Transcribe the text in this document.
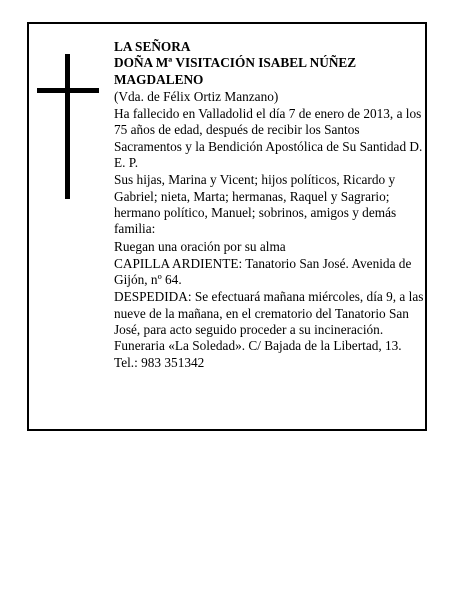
LA SEÑORA

DOÑA Mª VISITACIÓN ISABEL NÚÑEZ MAGDALENO

(Vda. de Félix Ortiz Manzano)

Ha fallecido en Valladolid el día 7 de enero de 2013, a los 75 años de edad, después de recibir los Santos Sacramentos y la Bendición Apostólica de Su Santidad D. E. P.

Sus hijas, Marina y Vicent; hijos políticos, Ricardo y Gabriel; nieta, Marta; hermanas, Raquel y Sagrario; hermano político, Manuel; sobrinos, amigos y demás familia:

Ruegan una oración por su alma

CAPILLA ARDIENTE: Tanatorio San José. Avenida de Gijón, nº 64.

DESPEDIDA: Se efectuará mañana miércoles, día 9, a las nueve de la mañana, en el crematorio del Tanatorio San José, para acto seguido proceder a su incineración.

Funeraria «La Soledad». C/ Bajada de la Libertad, 13.

Tel.: 983 351342
